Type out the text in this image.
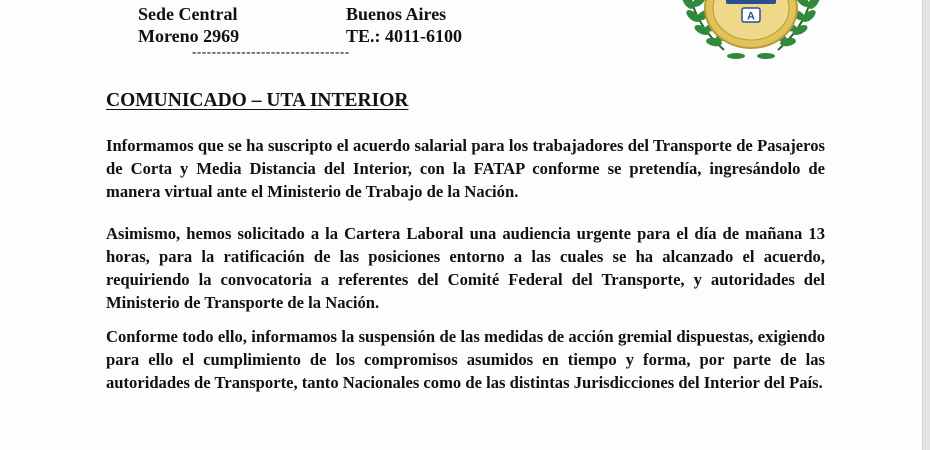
Sede Central
Moreno 2969
Buenos Aires
TE.: 4011-6100
--------------------------------
A
COMUNICADO – UTA INTERIOR

Informamos que se ha suscripto el acuerdo salarial para los trabajadores del Transporte de Pasajeros de Corta y Media Distancia del Interior, con la FATAP conforme se pretendía, ingresándolo de manera virtual ante el Ministerio de Trabajo de la Nación.

Asimismo, hemos solicitado a la Cartera Laboral una audiencia urgente para el día de mañana 13 horas, para la ratificación de las posiciones entorno a las cuales se ha alcanzado el acuerdo, requiriendo la convocatoria a referentes del Comité Federal del Transporte, y autoridades del Ministerio de Transporte de la Nación.

Conforme todo ello, informamos la suspensión de las medidas de acción gremial dispuestas, exigiendo para ello el cumplimiento de los compromisos asumidos en tiempo y forma, por parte de las autoridades de Transporte, tanto Nacionales como de las distintas Jurisdicciones del Interior del País.
